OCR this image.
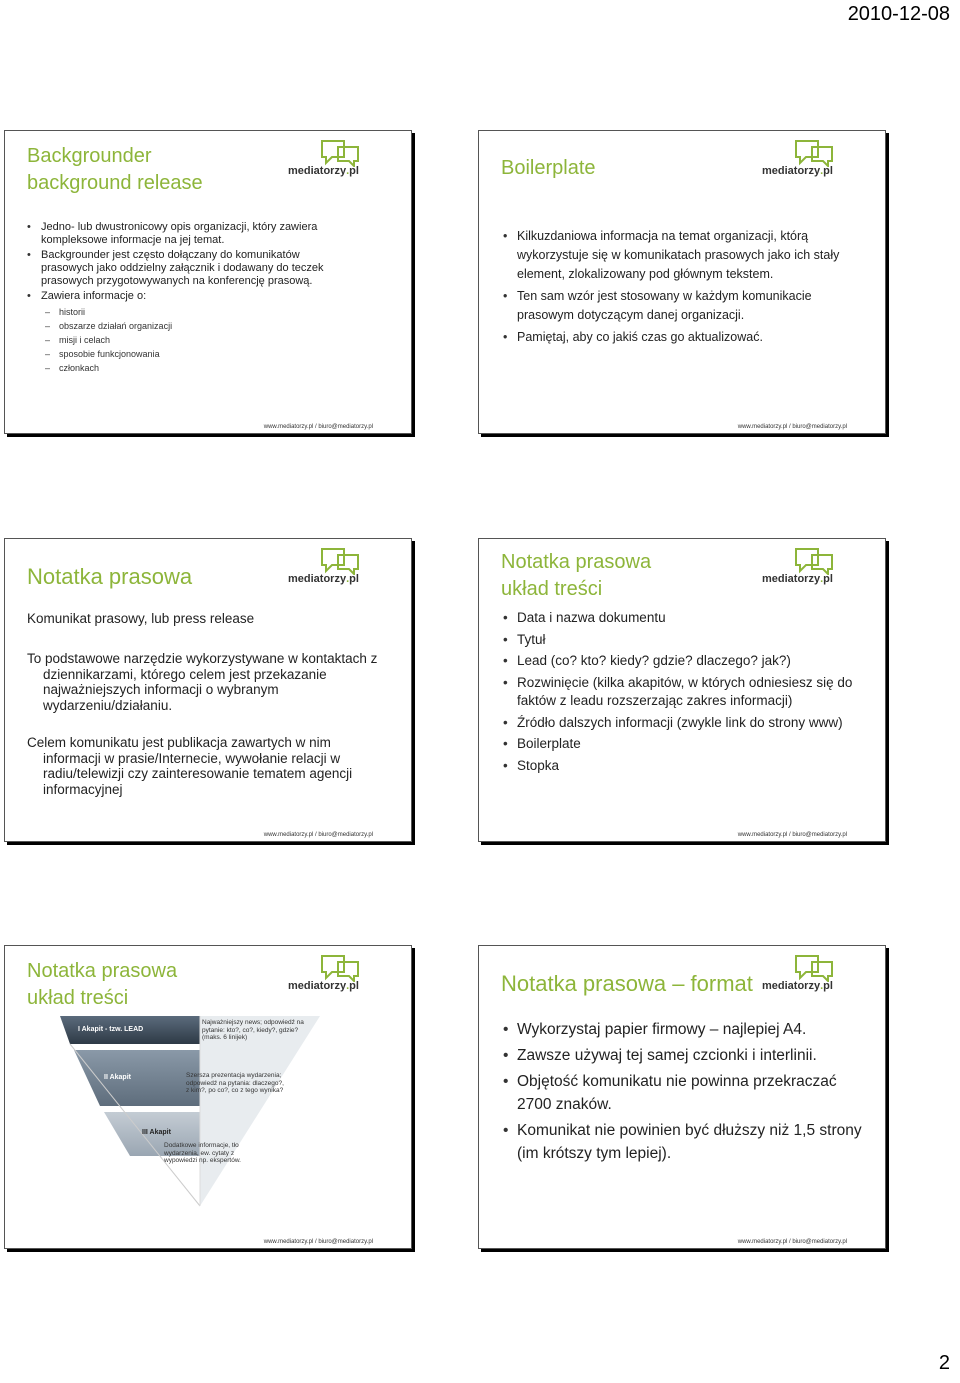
2010-12-08
Backgrounder
background release
mediatorzy.pl
• Jedno- lub dwustronicowy opis organizacji, który zawiera kompleksowe informacje na jej temat.
• Backgrounder jest często dołączany do komunikatów prasowych jako oddzielny załącznik i dodawany do teczek prasowych przygotowywanych na konferencję prasową.
• Zawiera informacje o:
– historii
– obszarze działań organizacji
– misji i celach
– sposobie funkcjonowania
– członkach
www.mediatorzy.pl / biuro@mediatorzy.pl
Boilerplate	mediatorzy.pl
• Kilkuzdaniowa informacja na temat organizacji, którą wykorzystuje się w komunikatach prasowych jako ich stały element, zlokalizowany pod głównym tekstem.
• Ten sam wzór jest stosowany w każdym komunikacie prasowym dotyczącym danej organizacji.
• Pamiętaj, aby co jakiś czas go aktualizować.
www.mediatorzy.pl / biuro@mediatorzy.pl
Notatka prasowa	mediatorzy.pl
Komunikat prasowy, lub press release
To podstawowe narzędzie wykorzystywane w kontaktach z dziennikarzami, którego celem jest przekazanie najważniejszych informacji o wybranym wydarzeniu/działaniu.
Celem komunikatu jest publikacja zawartych w nim informacji w prasie/Internecie, wywołanie relacji w radiu/telewizji czy zainteresowanie tematem agencji informacyjnej
www.mediatorzy.pl / biuro@mediatorzy.pl
Notatka prasowa
układ treści	mediatorzy.pl
• Data i nazwa dokumentu
• Tytuł
• Lead (co? kto? kiedy? gdzie? dlaczego? jak?)
• Rozwinięcie (kilka akapitów, w których odniesiesz się do faktów z leadu rozszerzając zakres informacji)
• Źródło dalszych informacji (zwykle link do strony www)
• Boilerplate
• Stopka
www.mediatorzy.pl / biuro@mediatorzy.pl
Notatka prasowa
układ treści
mediatorzy.pl
I Akapit - tzw. LEAD
Najważniejszy news; odpowiedź na
pytanie: kto?, co?, kiedy?, gdzie?
(maks. 6 linijek)
II Akapit	Szersza prezentacja wydarzenia;
odpowiedź na pytania: dlaczego?,
z kim?, po co?, co z tego wynika?
III Akapit
Dodatkowe informacje, tło
wydarzenia, ew. cytaty z
wypowiedzi np. ekspertów.
www.mediatorzy.pl / biuro@mediatorzy.pl
Notatka prasowa – format mediatorzy.pl
• Wykorzystaj papier firmowy – najlepiej A4.
• Zawsze używaj tej samej czcionki i interlinii.
• Objętość komunikatu nie powinna przekraczać 2700 znaków.
• Komunikat nie powinien być dłuższy niż 1,5 strony (im krótszy tym lepiej).
www.mediatorzy.pl / biuro@mediatorzy.pl
2
